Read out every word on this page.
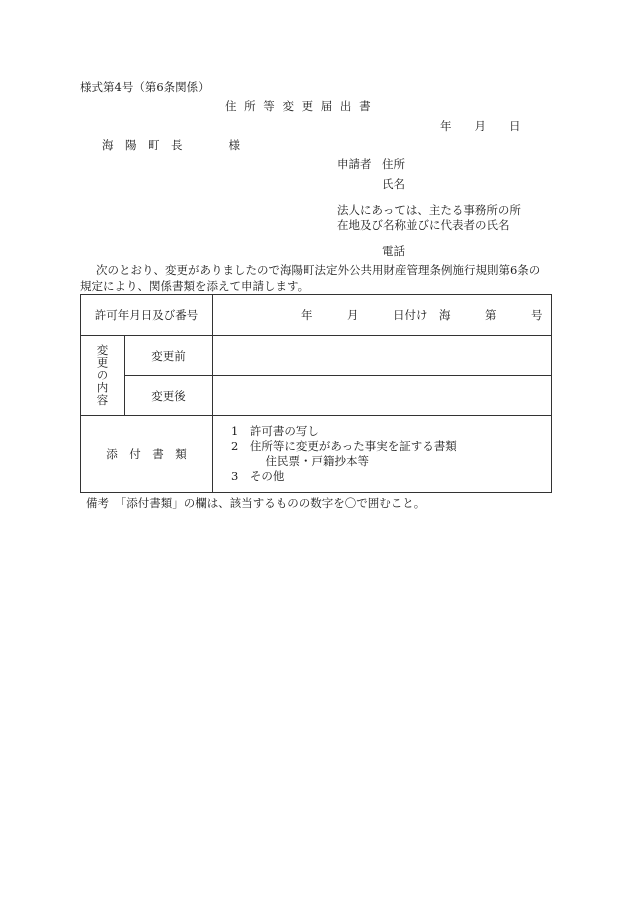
様式第4号（第6条関係）
住 所 等 変 更 届 出 書
年　　月　　日
海　陽　町　長　　　　様
申請者 住所
氏名
法人にあっては、主たる事務所の所
在地及び名称並びに代表者の氏名
電話
次のとおり、変更がありましたので海陽町法定外公共用財産管理条例施行規則第6条の
規定により、関係書類を添えて申請します。
許可年月日及び番号		年　　　月　　　日付け　海　　　第　　　号

変更の内容	変更前	
	変更後	
添　付　書　類		1　許可書の写し
2　住所等に変更があった事実を証する書類
　　　住民票・戸籍抄本等
3　その他
備考　「添付書類」の欄は、該当するものの数字を〇で囲むこと。
